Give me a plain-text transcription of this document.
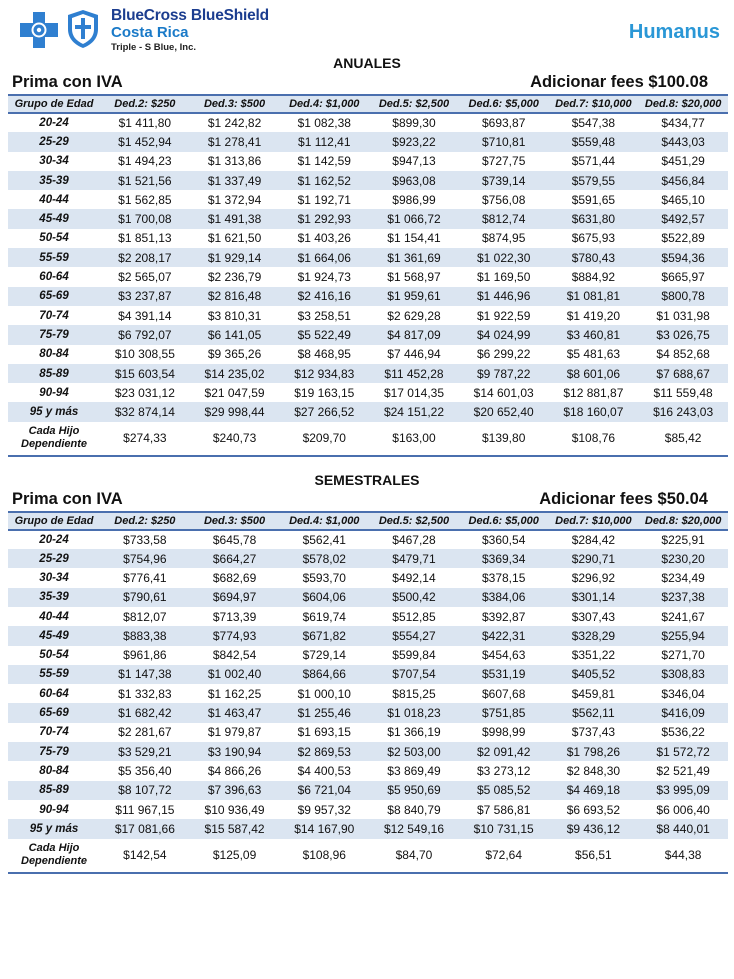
BlueCross BlueShield
Costa Rica
Triple - S Blue, Inc.
Humanus
ANUALES
Prima con IVA	Adicionar fees $100.08
Grupo de Edad	Ded.2: $250	Ded.3: $500	Ded.4: $1,000	Ded.5: $2,500	Ded.6: $5,000	Ded.7: $10,000	Ded.8: $20,000
20-24	$1 411,80	$1 242,82	$1 082,38	$899,30	$693,87	$547,38	$434,77
25-29	$1 452,94	$1 278,41	$1 112,41	$923,22	$710,81	$559,48	$443,03
30-34	$1 494,23	$1 313,86	$1 142,59	$947,13	$727,75	$571,44	$451,29
35-39	$1 521,56	$1 337,49	$1 162,52	$963,08	$739,14	$579,55	$456,84
40-44	$1 562,85	$1 372,94	$1 192,71	$986,99	$756,08	$591,65	$465,10
45-49	$1 700,08	$1 491,38	$1 292,93	$1 066,72	$812,74	$631,80	$492,57
50-54	$1 851,13	$1 621,50	$1 403,26	$1 154,41	$874,95	$675,93	$522,89
55-59	$2 208,17	$1 929,14	$1 664,06	$1 361,69	$1 022,30	$780,43	$594,36
60-64	$2 565,07	$2 236,79	$1 924,73	$1 568,97	$1 169,50	$884,92	$665,97
65-69	$3 237,87	$2 816,48	$2 416,16	$1 959,61	$1 446,96	$1 081,81	$800,78
70-74	$4 391,14	$3 810,31	$3 258,51	$2 629,28	$1 922,59	$1 419,20	$1 031,98
75-79	$6 792,07	$6 141,05	$5 522,49	$4 817,09	$4 024,99	$3 460,81	$3 026,75
80-84	$10 308,55	$9 365,26	$8 468,95	$7 446,94	$6 299,22	$5 481,63	$4 852,68
85-89	$15 603,54	$14 235,02	$12 934,83	$11 452,28	$9 787,22	$8 601,06	$7 688,67
90-94	$23 031,12	$21 047,59	$19 163,15	$17 014,35	$14 601,03	$12 881,87	$11 559,48
95 y más	$32 874,14	$29 998,44	$27 266,52	$24 151,22	$20 652,40	$18 160,07	$16 243,03
Cada Hijo
Dependiente	$274,33	$240,73	$209,70	$163,00	$139,80	$108,76	$85,42
SEMESTRALES
Prima con IVA	Adicionar fees $50.04
Grupo de Edad	Ded.2: $250	Ded.3: $500	Ded.4: $1,000	Ded.5: $2,500	Ded.6: $5,000	Ded.7: $10,000	Ded.8: $20,000
20-24	$733,58	$645,78	$562,41	$467,28	$360,54	$284,42	$225,91
25-29	$754,96	$664,27	$578,02	$479,71	$369,34	$290,71	$230,20
30-34	$776,41	$682,69	$593,70	$492,14	$378,15	$296,92	$234,49
35-39	$790,61	$694,97	$604,06	$500,42	$384,06	$301,14	$237,38
40-44	$812,07	$713,39	$619,74	$512,85	$392,87	$307,43	$241,67
45-49	$883,38	$774,93	$671,82	$554,27	$422,31	$328,29	$255,94
50-54	$961,86	$842,54	$729,14	$599,84	$454,63	$351,22	$271,70
55-59	$1 147,38	$1 002,40	$864,66	$707,54	$531,19	$405,52	$308,83
60-64	$1 332,83	$1 162,25	$1 000,10	$815,25	$607,68	$459,81	$346,04
65-69	$1 682,42	$1 463,47	$1 255,46	$1 018,23	$751,85	$562,11	$416,09
70-74	$2 281,67	$1 979,87	$1 693,15	$1 366,19	$998,99	$737,43	$536,22
75-79	$3 529,21	$3 190,94	$2 869,53	$2 503,00	$2 091,42	$1 798,26	$1 572,72
80-84	$5 356,40	$4 866,26	$4 400,53	$3 869,49	$3 273,12	$2 848,30	$2 521,49
85-89	$8 107,72	$7 396,63	$6 721,04	$5 950,69	$5 085,52	$4 469,18	$3 995,09
90-94	$11 967,15	$10 936,49	$9 957,32	$8 840,79	$7 586,81	$6 693,52	$6 006,40
95 y más	$17 081,66	$15 587,42	$14 167,90	$12 549,16	$10 731,15	$9 436,12	$8 440,01
Cada Hijo
Dependiente	$142,54	$125,09	$108,96	$84,70	$72,64	$56,51	$44,38
